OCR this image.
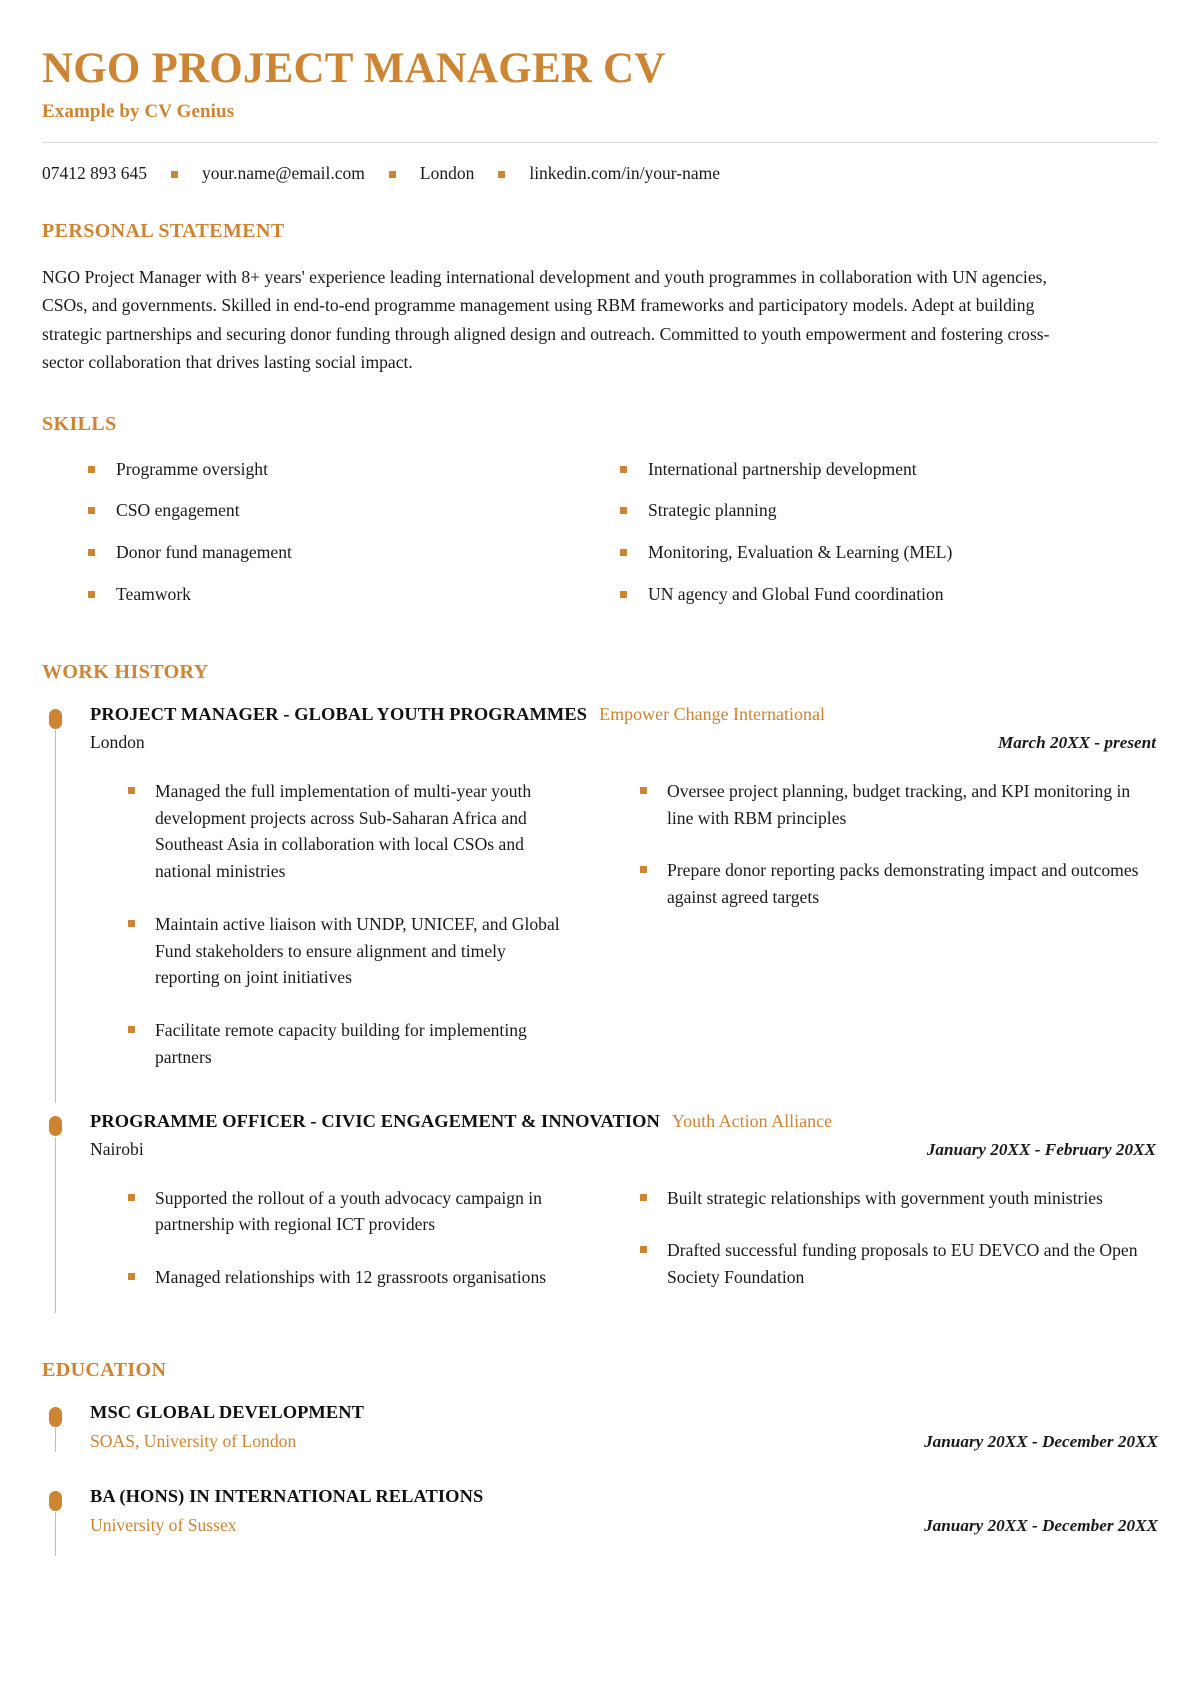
NGO PROJECT MANAGER CV
Example by CV Genius
07412 893 645	your.name@email.com	London	linkedin.com/in/your-name
PERSONAL STATEMENT

NGO Project Manager with 8+ years' experience leading international development and youth programmes in collaboration with UN agencies, CSOs, and governments. Skilled in end-to-end programme management using RBM frameworks and participatory models. Adept at building strategic partnerships and securing donor funding through aligned design and outreach. Committed to youth empowerment and fostering cross-sector collaboration that drives lasting social impact.

SKILLS
Programme oversight	International partnership development
CSO engagement	Strategic planning
Donor fund management	Monitoring, Evaluation & Learning (MEL)
Teamwork	UN agency and Global Fund coordination
WORK HISTORY
PROJECT MANAGER - GLOBAL YOUTH PROGRAMMES Empower Change International
London	March 20XX - present
Managed the full implementation of multi-year youth development projects across Sub-Saharan Africa and Southeast Asia in collaboration with local CSOs and national ministries
Maintain active liaison with UNDP, UNICEF, and Global Fund stakeholders to ensure alignment and timely reporting on joint initiatives
Facilitate remote capacity building for implementing partners
Oversee project planning, budget tracking, and KPI monitoring in line with RBM principles
Prepare donor reporting packs demonstrating impact and outcomes against agreed targets
PROGRAMME OFFICER - CIVIC ENGAGEMENT & INNOVATION Youth Action Alliance
Nairobi	January 20XX - February 20XX
Supported the rollout of a youth advocacy campaign in partnership with regional ICT providers
Managed relationships with 12 grassroots organisations
Built strategic relationships with government youth ministries
Drafted successful funding proposals to EU DEVCO and the Open Society Foundation
EDUCATION
MSC GLOBAL DEVELOPMENT
SOAS, University of London	January 20XX - December 20XX
BA (HONS) IN INTERNATIONAL RELATIONS
University of Sussex	January 20XX - December 20XX
